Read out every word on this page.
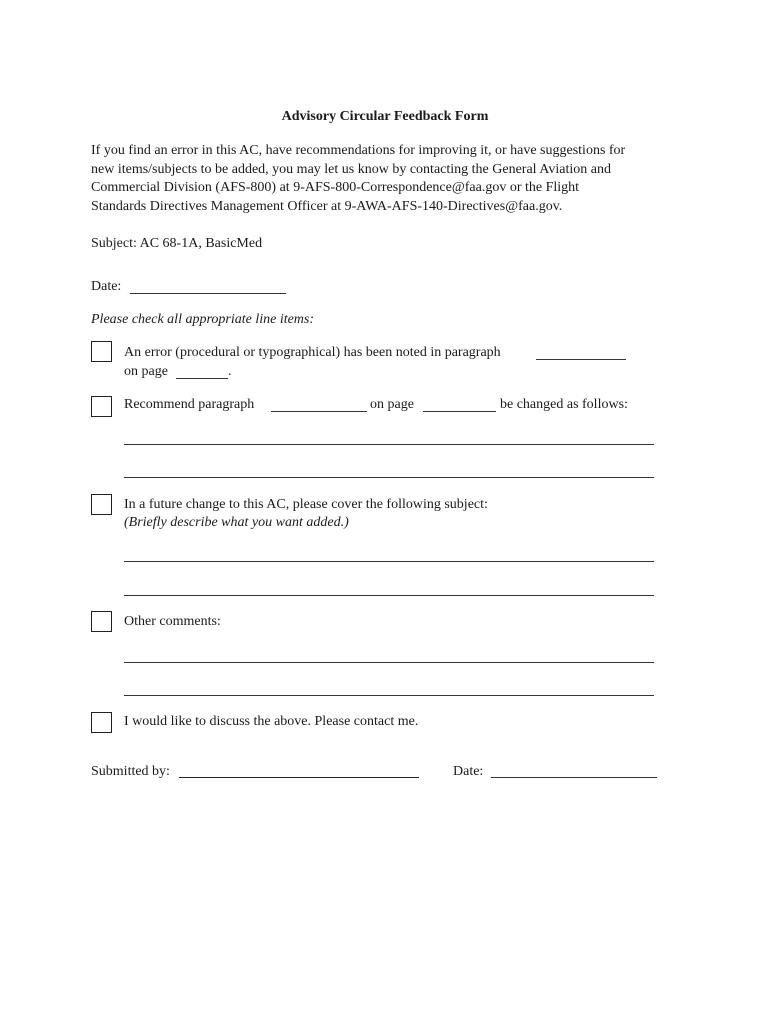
Advisory Circular Feedback Form
If you find an error in this AC, have recommendations for improving it, or have suggestions for
new items/subjects to be added, you may let us know by contacting the General Aviation and
Commercial Division (AFS-800) at 9-AFS-800-Correspondence@faa.gov or the Flight
Standards Directives Management Officer at 9-AWA-AFS-140-Directives@faa.gov.
Subject: AC 68-1A, BasicMed
Date:
Please check all appropriate line items:
An error (procedural or typographical) has been noted in paragraph
on page	.
Recommend paragraph	on page	be changed as follows:
In a future change to this AC, please cover the following subject:
(Briefly describe what you want added.)
Other comments:
I would like to discuss the above. Please contact me.
Submitted by:	Date:
